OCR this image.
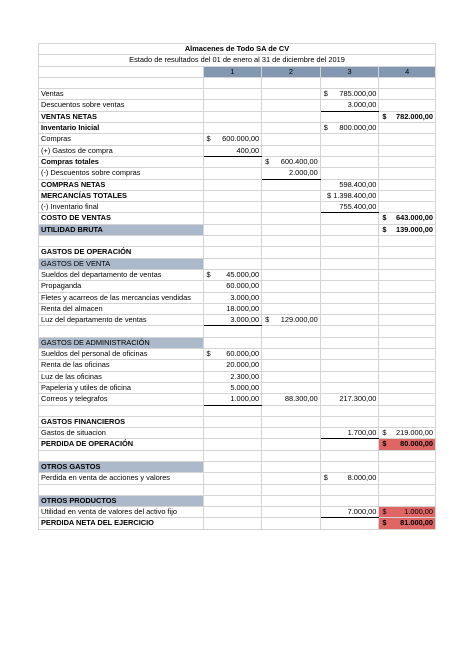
Almacenes de Todo SA de CV				
Estado de resultados del 01 de enero al 31 de diciembre del 2019				
	1	2	3	4

Ventas			$ 785.000,00	
Descuentos sobre ventas			3.000,00	
VENTAS NETAS				$ 782.000,00
Inventario Inicial			$ 800.000,00	
Compras	$ 600.000,00			
(+) Gastos de compra	400,00			
Compras totales		$ 600.400,00		
(-) Descuentos sobre compras		2.000,00		
COMPRAS NETAS			598.400,00	
MERCANCÍAS TOTALES			$ 1.398.400,00	
(-) Inventario final			755.400,00	
COSTO DE VENTAS				$ 643.000,00
UTILIDAD BRUTA				$ 139.000,00

GASTOS DE OPERACIÓN				
GASTOS DE VENTA				
Sueldos del departamento de ventas	$ 45.000,00			
Propaganda	60.000,00			
Fletes y acarreos de las mercancias vendidas	3.000,00			
Renta del almacen	18.000,00			
Luz del departamento de ventas	3.000,00	$ 129.000,00		

GASTOS DE ADMINISTRACIÓN				
Sueldos del personal de oficinas	$ 60.000,00			
Renta de las oficinas	20.000,00			
Luz de las oficinas	2.300,00			
Papeleria y utiles de oficina	5.000,00			
Correos y telegrafos	1.000,00	88.300,00	217.300,00	

GASTOS FINANCIEROS				
Gastos de situacion			1.700,00	$ 219.000,00
PERDIDA DE OPERACIÓN				$ 80.000,00

OTROS GASTOS				
Perdida en venta de acciones y valores			$ 8.000,00	

OTROS PRODUCTOS				
Utilidad en venta de valores del activo fijo			7.000,00	$ 1.000,00
PERDIDA NETA DEL EJERCICIO				$ 81.000,00
